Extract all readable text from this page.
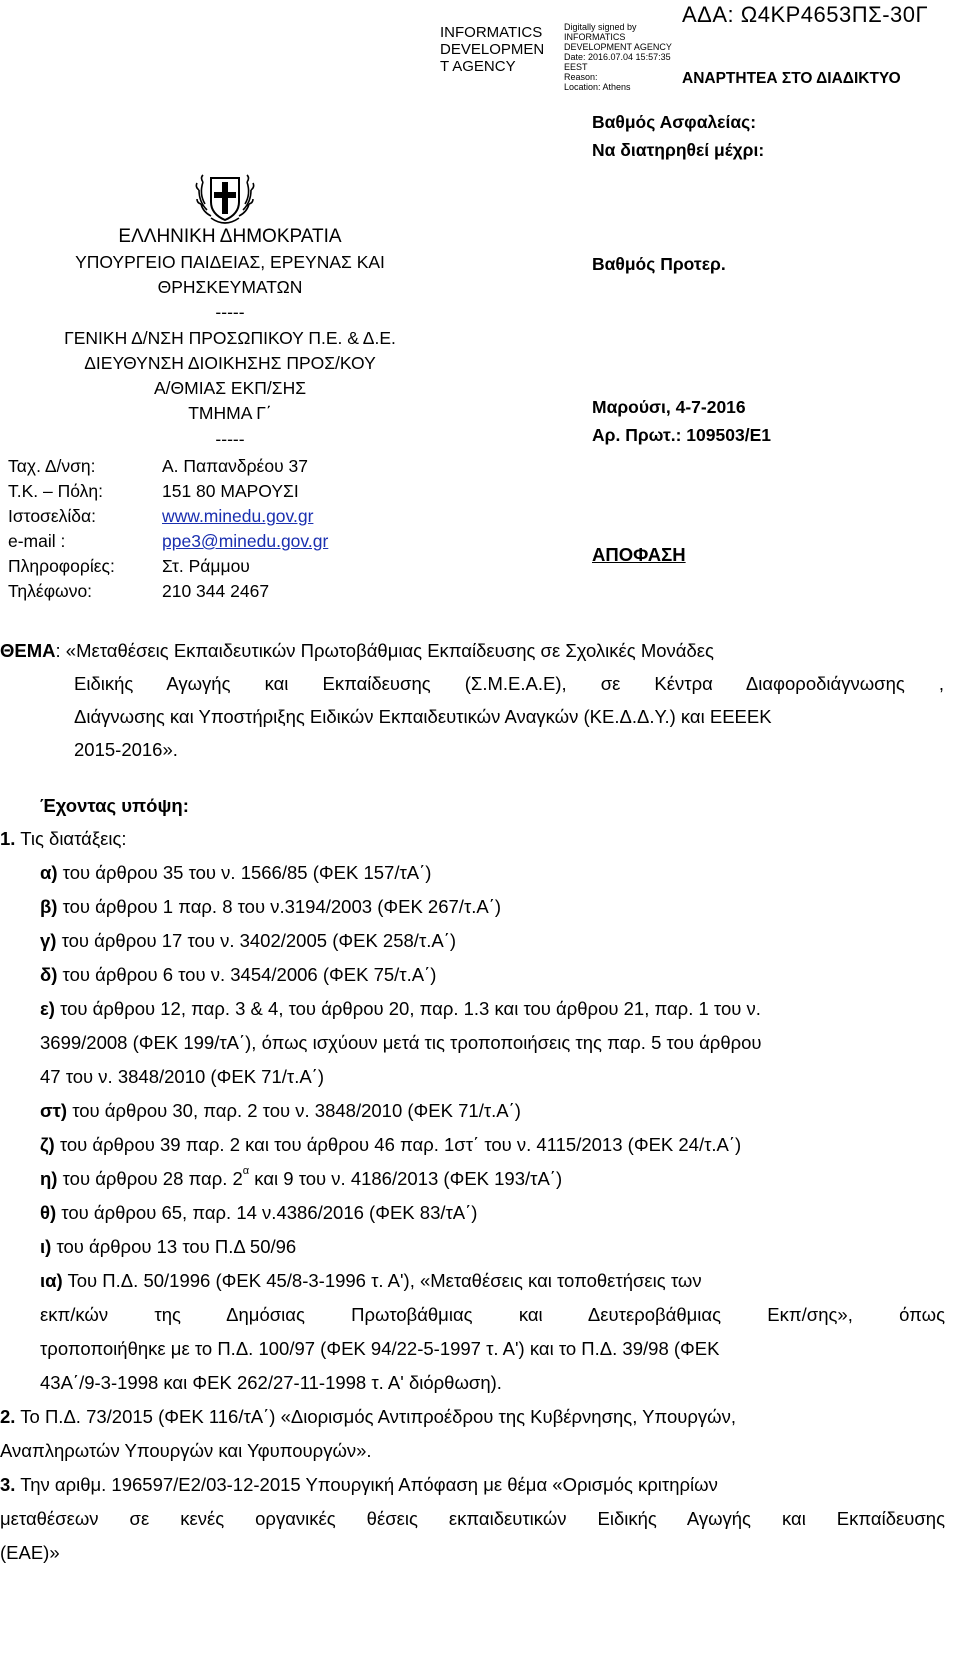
INFORMATICS
DEVELOPMEN
T AGENCY
Digitally signed by
INFORMATICS
DEVELOPMENT AGENCY
Date: 2016.07.04 15:57:35
EEST
Reason:
Location: Athens
ΑΔΑ: Ω4ΚΡ4653ΠΣ-30Γ
ΑΝΑΡΤΗΤΕΑ ΣΤΟ ΔΙΑΔΙΚΤΥΟ
Βαθμός Ασφαλείας:
Να διατηρηθεί μέχρι:
Βαθμός Προτερ.
Μαρούσι, 4-7-2016
Αρ. Πρωτ.: 109503/Ε1
ΑΠΟΦΑΣΗ
ΕΛΛΗΝΙΚΗ ΔΗΜΟΚΡΑΤΙΑ
ΥΠΟΥΡΓΕΙΟ ΠΑΙΔΕΙΑΣ, ΕΡΕΥΝΑΣ ΚΑΙ
ΘΡΗΣΚΕΥΜΑΤΩΝ
-----
ΓΕΝΙΚΗ Δ/ΝΣΗ ΠΡΟΣΩΠΙΚΟΥ Π.Ε. & Δ.Ε.
ΔΙΕΥΘΥΝΣΗ ΔΙΟΙΚΗΣΗΣ ΠΡΟΣ/ΚΟΥ
Α/ΘΜΙΑΣ ΕΚΠ/ΣΗΣ
ΤΜΗΜΑ Γ΄
-----
Ταχ. Δ/νση:	Α. Παπανδρέου 37
Τ.Κ. – Πόλη:	151 80 ΜΑΡΟΥΣΙ
Ιστοσελίδα:	www.minedu.gov.gr
e-mail :	ppe3@minedu.gov.gr
Πληροφορίες:	Στ. Ράμμου
Τηλέφωνο:	210 344 2467
ΘΕΜΑ: «Μεταθέσεις Εκπαιδευτικών Πρωτοβάθμιας Εκπαίδευσης σε Σχολικές Μονάδες
Ειδικής Αγωγής και Εκπαίδευσης (Σ.Μ.Ε.Α.Ε), σε Κέντρα Διαφοροδιάγνωσης ,
Διάγνωσης και Υποστήριξης Ειδικών Εκπαιδευτικών Αναγκών (ΚΕ.Δ.Δ.Υ.) και ΕΕΕΕΚ
2015-2016».
Έχοντας υπόψη:
1. Τις διατάξεις:
α) του άρθρου 35 του ν. 1566/85 (ΦΕΚ 157/τΑ΄)
β) του άρθρου 1 παρ. 8 του ν.3194/2003 (ΦΕΚ 267/τ.Α΄)
γ) του άρθρου 17 του ν. 3402/2005 (ΦΕΚ 258/τ.Α΄)
δ) του άρθρου 6 του ν. 3454/2006 (ΦΕΚ 75/τ.Α΄)
ε) του άρθρου 12, παρ. 3 & 4, του άρθρου 20, παρ. 1.3 και του άρθρου 21, παρ. 1 του ν.
3699/2008 (ΦΕΚ 199/τΑ΄), όπως ισχύουν μετά τις τροποποιήσεις της παρ. 5 του άρθρου
47 του ν. 3848/2010 (ΦΕΚ 71/τ.Α΄)
στ) του άρθρου 30, παρ. 2 του ν. 3848/2010 (ΦΕΚ 71/τ.Α΄)
ζ) του άρθρου 39 παρ. 2 και του άρθρου 46 παρ. 1στ΄ του ν. 4115/2013 (ΦΕΚ 24/τ.Α΄)
η) του άρθρου 28 παρ. $2^\alpha$ και 9 του ν. 4186/2013 (ΦΕΚ 193/τΑ΄)
θ) του άρθρου 65, παρ. 14 ν.4386/2016 (ΦΕΚ 83/τΑ΄)
ι) του άρθρου 13 του Π.Δ 50/96
ια) Του Π.Δ. 50/1996 (ΦΕΚ 45/8-3-1996 τ. Α'), «Μεταθέσεις και τοποθετήσεις των
εκπ/κών της Δημόσιας Πρωτοβάθμιας και Δευτεροβάθμιας Εκπ/σης», όπως
τροποποιήθηκε με το Π.Δ. 100/97 (ΦΕΚ 94/22-5-1997 τ. Α') και το Π.Δ. 39/98 (ΦΕΚ
43Α΄/9-3-1998 και ΦΕΚ 262/27-11-1998 τ. Α' διόρθωση).
2. Το Π.Δ. 73/2015 (ΦΕΚ 116/τΑ΄) «Διορισμός Αντιπροέδρου της Κυβέρνησης, Υπουργών,
Αναπληρωτών Υπουργών και Υφυπουργών».
3. Την αριθμ. 196597/Ε2/03-12-2015 Υπουργική Απόφαση με θέμα «Ορισμός κριτηρίων
μεταθέσεων σε κενές οργανικές θέσεις εκπαιδευτικών Ειδικής Αγωγής και Εκπαίδευσης
(ΕΑΕ)»
